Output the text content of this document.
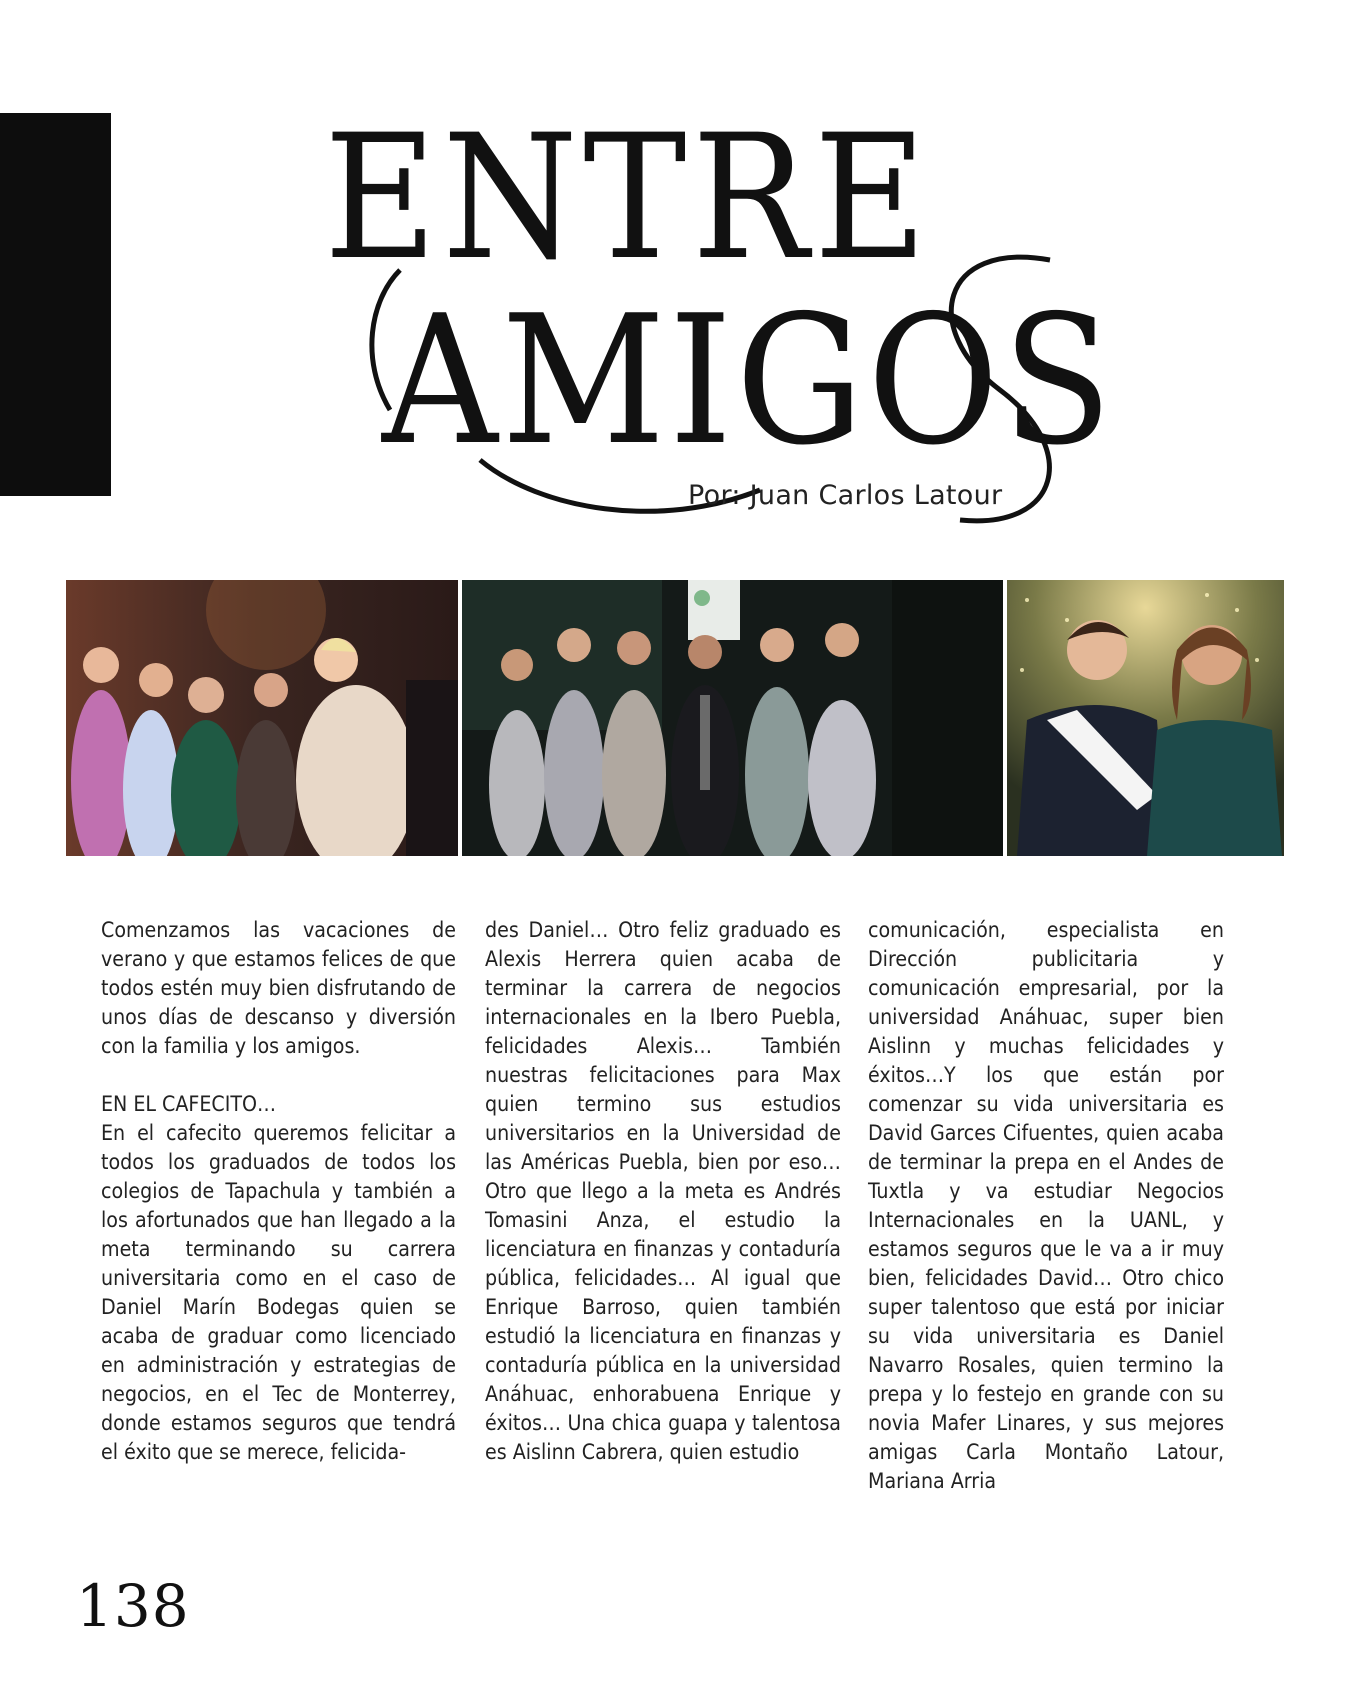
ENTRE
AMIGOS
Por: Juan Carlos Latour

Comenzamos las vacaciones de verano y que estamos felices de que todos estén muy bien disfrutando de unos días de descanso y diversión con la familia y los amigos.

EN EL CAFECITO…

En el cafecito queremos felicitar a todos los graduados de todos los colegios de Tapachula y también a los afortunados que han llegado a la meta terminando su carrera universitaria como en el caso de Daniel Marín Bodegas quien se acaba de graduar como licenciado en administración y estrategias de negocios, en el Tec de Monterrey, donde estamos seguros que tendrá el éxito que se merece, felicida-

des Daniel… Otro feliz graduado es Alexis Herrera quien acaba de terminar la carrera de negocios internacionales en la Ibero Puebla, felicidades Alexis… También nuestras felicitaciones para Max quien termino sus estudios universitarios en la Universidad de las Américas Puebla, bien por eso… Otro que llego a la meta es Andrés Tomasini Anza, el estudio la licenciatura en finanzas y contaduría pública, felicidades… Al igual que Enrique Barroso, quien también estudió la licenciatura en finanzas y contaduría pública en la universidad Anáhuac, enhorabuena Enrique y éxitos… Una chica guapa y talentosa es Aislinn Cabrera, quien estudio

comunicación, especialista en Dirección publicitaria y comunicación empresarial, por la universidad Anáhuac, super bien Aislinn y muchas felicidades y éxitos…Y los que están por comenzar su vida universitaria es David Garces Cifuentes, quien acaba de terminar la prepa en el Andes de Tuxtla y va estudiar Negocios Internacionales en la UANL, y estamos seguros que le va a ir muy bien, felicidades David… Otro chico super talentoso que está por iniciar su vida universitaria es Daniel Navarro Rosales, quien termino la prepa y lo festejo en grande con su novia Mafer Linares, y sus mejores amigas Carla Montaño Latour, Mariana Arria

138
